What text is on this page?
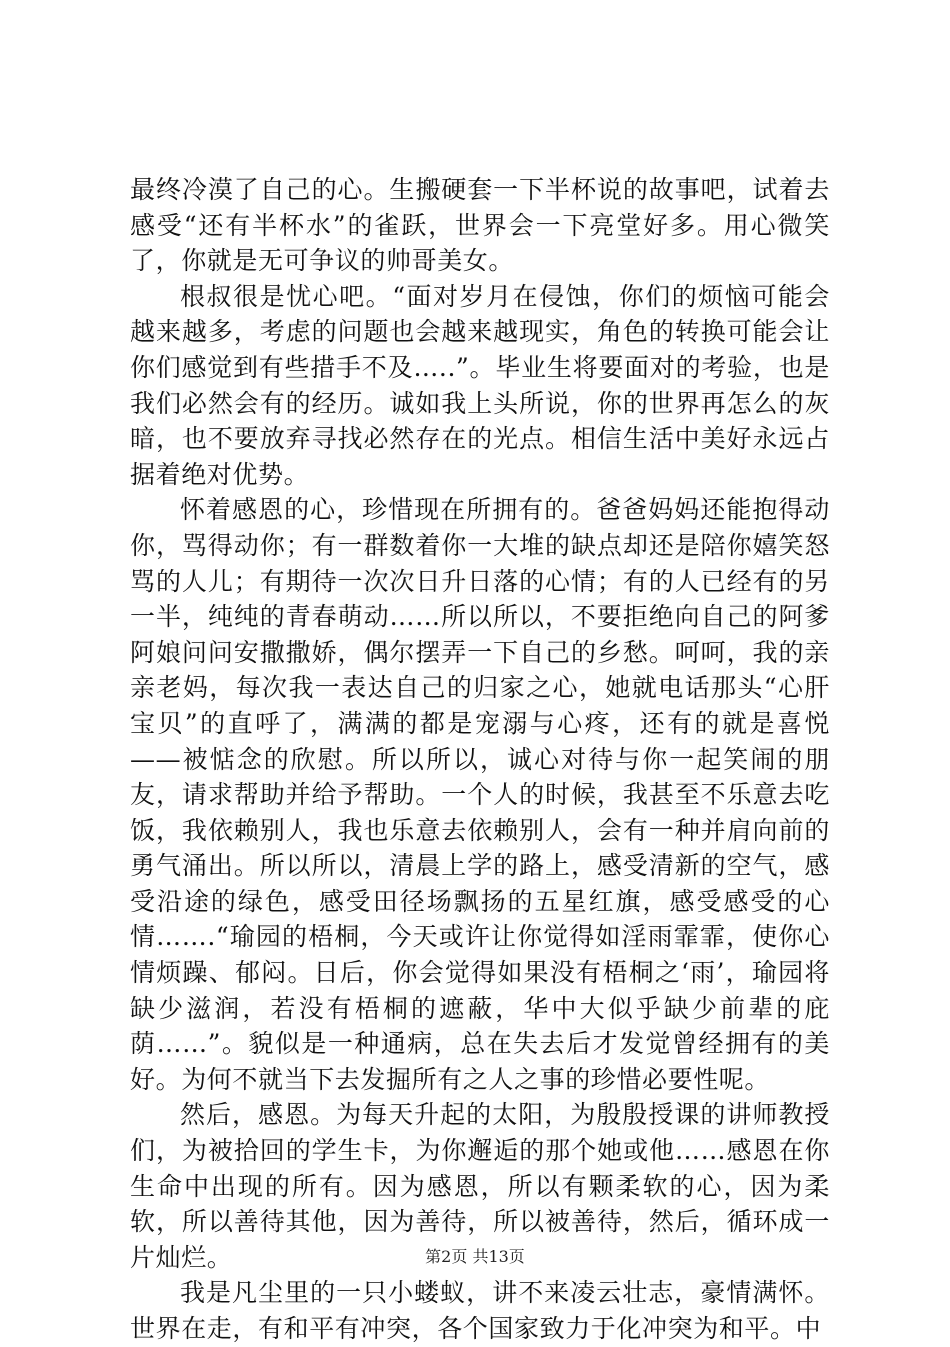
最终冷漠了自己的心。生搬硬套一下半杯说的故事吧，试着去感受“还有半杯水”的雀跃，世界会一下亮堂好多。用心微笑了，你就是无可争议的帅哥美女。

根叔很是忧心吧。“面对岁月在侵蚀，你们的烦恼可能会越来越多，考虑的问题也会越来越现实，角色的转换可能会让你们感觉到有些措手不及…..”。毕业生将要面对的考验，也是我们必然会有的经历。诚如我上头所说，你的世界再怎么的灰暗，也不要放弃寻找必然存在的光点。相信生活中美好永远占据着绝对优势。

怀着感恩的心，珍惜现在所拥有的。爸爸妈妈还能抱得动你，骂得动你；有一群数着你一大堆的缺点却还是陪你嬉笑怒骂的人儿；有期待一次次日升日落的心情；有的人已经有的另一半，纯纯的青春萌动……所以所以，不要拒绝向自己的阿爹阿娘问问安撒撒娇，偶尔摆弄一下自己的乡愁。呵呵，我的亲亲老妈，每次我一表达自己的归家之心，她就电话那头“心肝宝贝”的直呼了，满满的都是宠溺与心疼，还有的就是喜悦——被惦念的欣慰。所以所以，诚心对待与你一起笑闹的朋友，请求帮助并给予帮助。一个人的时候，我甚至不乐意去吃饭，我依赖别人，我也乐意去依赖别人，会有一种并肩向前的勇气涌出。所以所以，清晨上学的路上，感受清新的空气，感受沿途的绿色，感受田径场飘扬的五星红旗，感受感受的心情…….“瑜园的梧桐，今天或许让你觉得如淫雨霏霏，使你心情烦躁、郁闷。日后，你会觉得如果没有梧桐之‘雨’，瑜园将缺少滋润，若没有梧桐的遮蔽，华中大似乎缺少前辈的庇荫……”。貌似是一种通病，总在失去后才发觉曾经拥有的美好。为何不就当下去发掘所有之人之事的珍惜必要性呢。

然后，感恩。为每天升起的太阳，为殷殷授课的讲师教授们，为被拾回的学生卡，为你邂逅的那个她或他……感恩在你生命中出现的所有。因为感恩，所以有颗柔软的心，因为柔软，所以善待其他，因为善待，所以被善待，然后，循环成一片灿烂。

我是凡尘里的一只小蝼蚁，讲不来凌云壮志，豪情满怀。世界在走，有和平有冲突，各个国家致力于化冲突为和平。中

第2页 共13页
